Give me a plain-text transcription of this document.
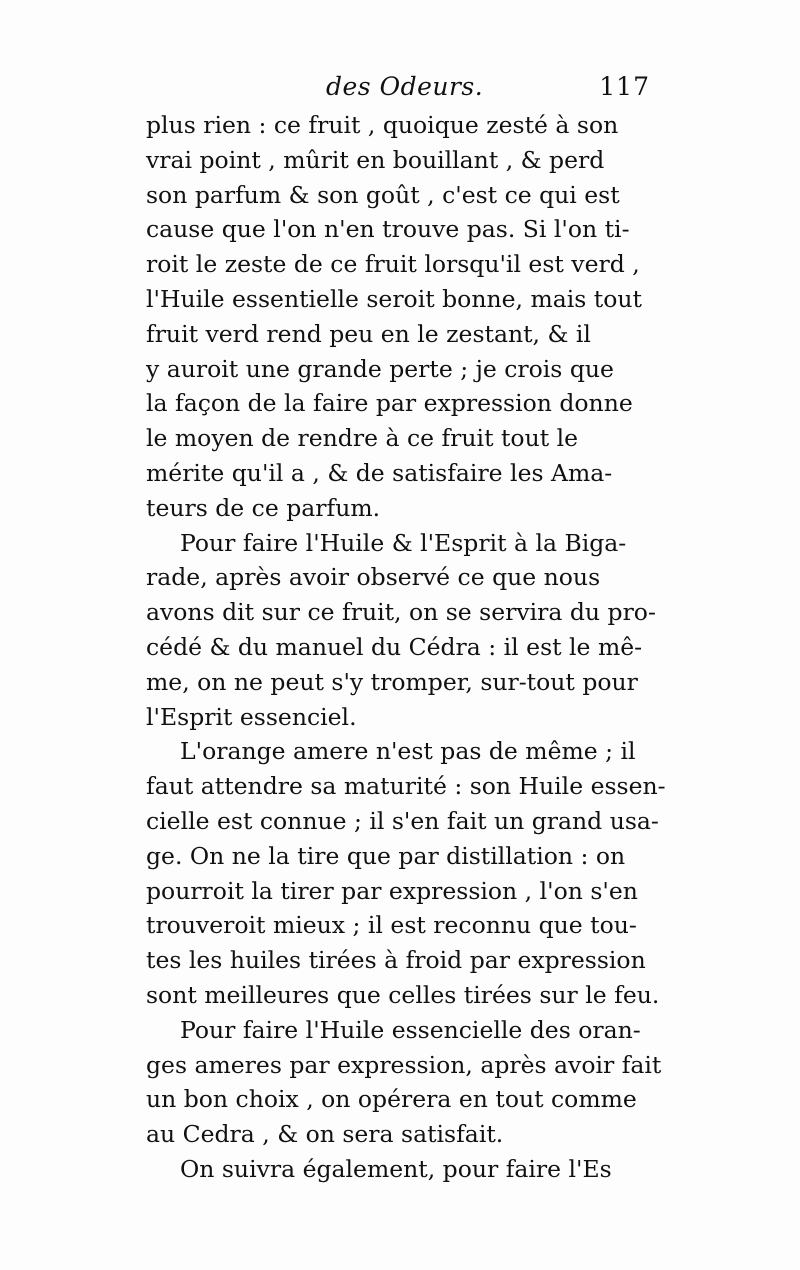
des Odeurs.	117
plus rien : ce fruit , quoique zesté à son
vrai point , mûrit en bouillant , & perd
son parfum & son goût , c'est ce qui est
cause que l'on n'en trouve pas. Si l'on ti-
roit le zeste de ce fruit lorsqu'il est verd ,
l'Huile essentielle seroit bonne, mais tout
fruit verd rend peu en le zestant, & il
y auroit une grande perte ; je crois que
la façon de la faire par expression donne
le moyen de rendre à ce fruit tout le
mérite qu'il a , & de satisfaire les Ama-
teurs de ce parfum.
Pour faire l'Huile & l'Esprit à la Biga-
rade, après avoir observé ce que nous
avons dit sur ce fruit, on se servira du pro-
cédé & du manuel du Cédra : il est le mê-
me, on ne peut s'y tromper, sur-tout pour
l'Esprit essenciel.
L'orange amere n'est pas de même ; il
faut attendre sa maturité : son Huile essen-
cielle est connue ; il s'en fait un grand usa-
ge. On ne la tire que par distillation : on
pourroit la tirer par expression , l'on s'en
trouveroit mieux ; il est reconnu que tou-
tes les huiles tirées à froid par expression
sont meilleures que celles tirées sur le feu.
Pour faire l'Huile essencielle des oran-
ges ameres par expression, après avoir fait
un bon choix , on opérera en tout comme
au Cedra , & on sera satisfait.
On suivra également, pour faire l'Es
